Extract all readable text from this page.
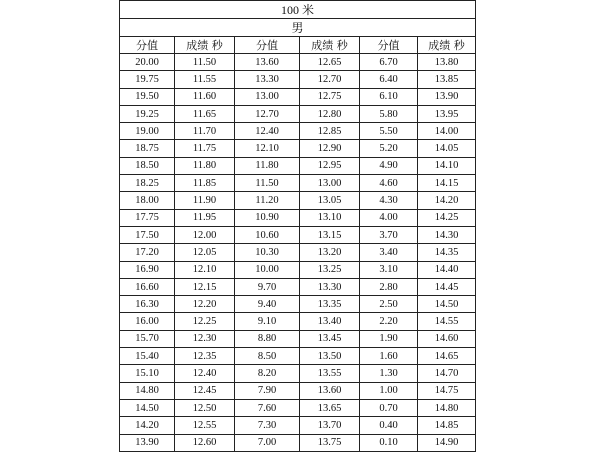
100 米					
男					
分值	成绩 秒	分值	成绩 秒	分值	成绩 秒
20.00	11.50	13.60	12.65	6.70	13.80
19.75	11.55	13.30	12.70	6.40	13.85
19.50	11.60	13.00	12.75	6.10	13.90
19.25	11.65	12.70	12.80	5.80	13.95
19.00	11.70	12.40	12.85	5.50	14.00
18.75	11.75	12.10	12.90	5.20	14.05
18.50	11.80	11.80	12.95	4.90	14.10
18.25	11.85	11.50	13.00	4.60	14.15
18.00	11.90	11.20	13.05	4.30	14.20
17.75	11.95	10.90	13.10	4.00	14.25
17.50	12.00	10.60	13.15	3.70	14.30
17.20	12.05	10.30	13.20	3.40	14.35
16.90	12.10	10.00	13.25	3.10	14.40
16.60	12.15	9.70	13.30	2.80	14.45
16.30	12.20	9.40	13.35	2.50	14.50
16.00	12.25	9.10	13.40	2.20	14.55
15.70	12.30	8.80	13.45	1.90	14.60
15.40	12.35	8.50	13.50	1.60	14.65
15.10	12.40	8.20	13.55	1.30	14.70
14.80	12.45	7.90	13.60	1.00	14.75
14.50	12.50	7.60	13.65	0.70	14.80
14.20	12.55	7.30	13.70	0.40	14.85
13.90	12.60	7.00	13.75	0.10	14.90
